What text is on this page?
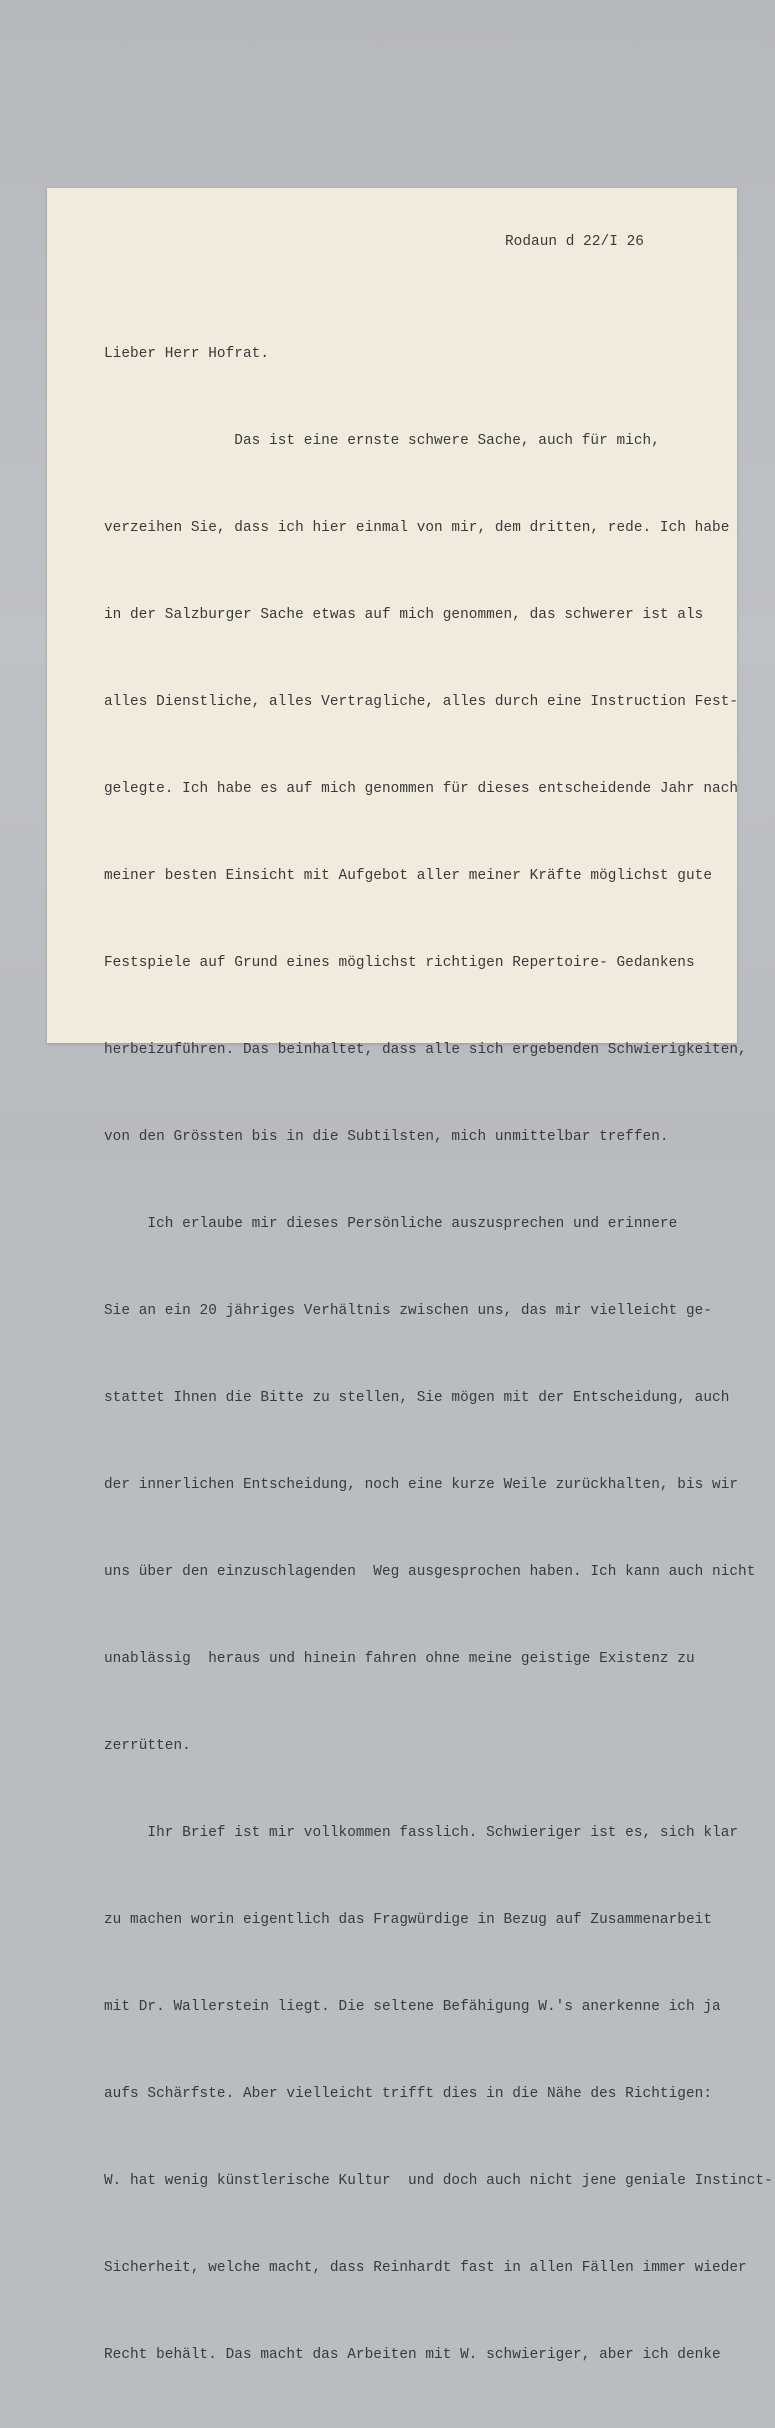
Rodaun d 22/I 26

Lieber Herr Hofrat.

Das ist eine ernste schwere Sache, auch für mich,

verzeihen Sie, dass ich hier einmal von mir, dem dritten, rede. Ich habe

in der Salzburger Sache etwas auf mich genommen, das schwerer ist als

alles Dienstliche, alles Vertragliche, alles durch eine Instruction Fest-

gelegte. Ich habe es auf mich genommen für dieses entscheidende Jahr nach

meiner besten Einsicht mit Aufgebot aller meiner Kräfte möglichst gute

Festspiele auf Grund eines möglichst richtigen Repertoire- Gedankens

herbeizuführen. Das beinhaltet, dass alle sich ergebenden Schwierigkeiten,

von den Grössten bis in die Subtilsten, mich unmittelbar treffen.

Ich erlaube mir dieses Persönliche auszusprechen und erinnere

Sie an ein 20 jähriges Verhältnis zwischen uns, das mir vielleicht ge-

stattet Ihnen die Bitte zu stellen, Sie mögen mit der Entscheidung, auch

der innerlichen Entscheidung, noch eine kurze Weile zurückhalten, bis wir

uns über den einzuschlagenden  Weg ausgesprochen haben. Ich kann auch nicht

unablässig  heraus und hinein fahren ohne meine geistige Existenz zu

zerrütten.

Ihr Brief ist mir vollkommen fasslich. Schwieriger ist es, sich klar

zu machen worin eigentlich das Fragwürdige in Bezug auf Zusammenarbeit

mit Dr. Wallerstein liegt. Die seltene Befähigung W.'s anerkenne ich ja

aufs Schärfste. Aber vielleicht trifft dies in die Nähe des Richtigen:

W. hat wenig künstlerische Kultur  und doch auch nicht jene geniale Instinct-

Sicherheit, welche macht, dass Reinhardt fast in allen Fällen immer wieder

Recht behält. Das macht das Arbeiten mit W. schwieriger, aber ich denke
